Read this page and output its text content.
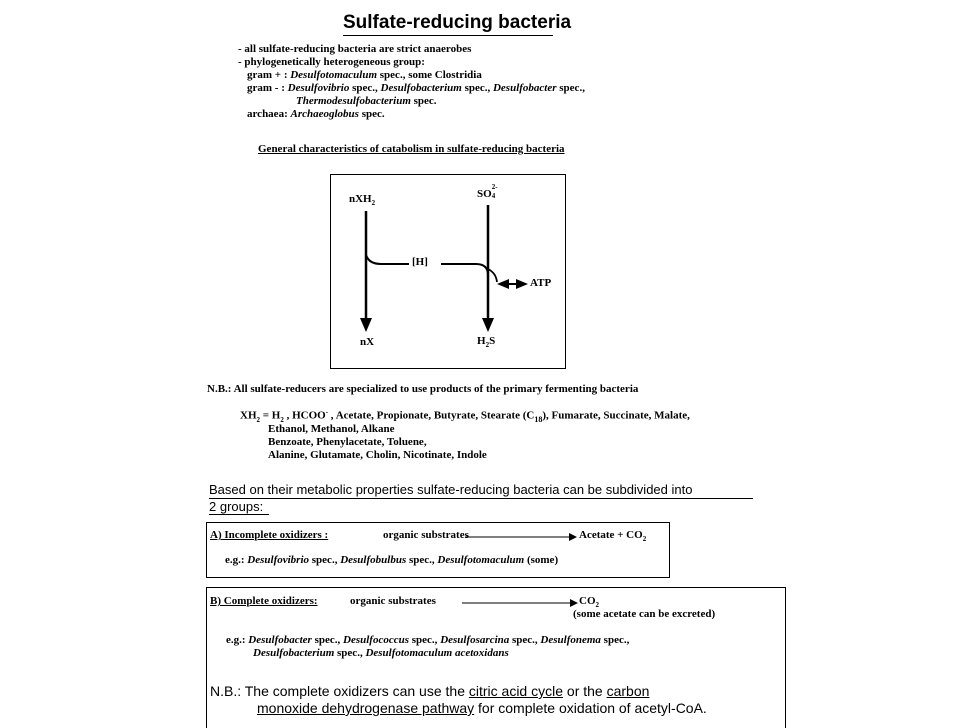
Sulfate-reducing bacteria
- all sulfate-reducing bacteria are strict anaerobes
- phylogenetically heterogeneous group:
gram + : Desulfotomaculum spec., some Clostridia
gram - : Desulfovibrio spec., Desulfobacterium spec., Desulfobacter spec.,
Thermodesulfobacterium spec.
archaea: Archaeoglobus spec.
General characteristics of catabolism in sulfate-reducing bacteria
nXH$_2$
SO
2-
4
[H]
ATP
nX	$H_2S$
N.B.: All sulfate-reducers are specialized to use products of the primary fermenting bacteria
$XH_2 = H_2$ , HCOO- , Acetate, Propionate, Butyrate, Stearate $(C_{18})$, Fumarate, Succinate, Malate,
Ethanol, Methanol, Alkane
Benzoate, Phenylacetate, Toluene,
Alanine, Glutamate, Cholin, Nicotinate, Indole
Based on their metabolic properties sulfate-reducing bacteria can be subdivided into
2 groups:
A) Incomplete oxidizers :	organic substrates	Acetate + $CO_2$
e.g.: Desulfovibrio spec., Desulfobulbus spec., Desulfotomaculum (some)
B) Complete oxidizers:	organic substrates	$CO_2$
(some acetate can be excreted)
e.g.: Desulfobacter spec., Desulfococcus spec., Desulfosarcina spec., Desulfonema spec.,
Desulfobacterium spec., Desulfotomaculum acetoxidans
N.B.: The complete oxidizers can use the citric acid cycle or the carbon
monoxide dehydrogenase pathway for complete oxidation of acetyl-CoA.
